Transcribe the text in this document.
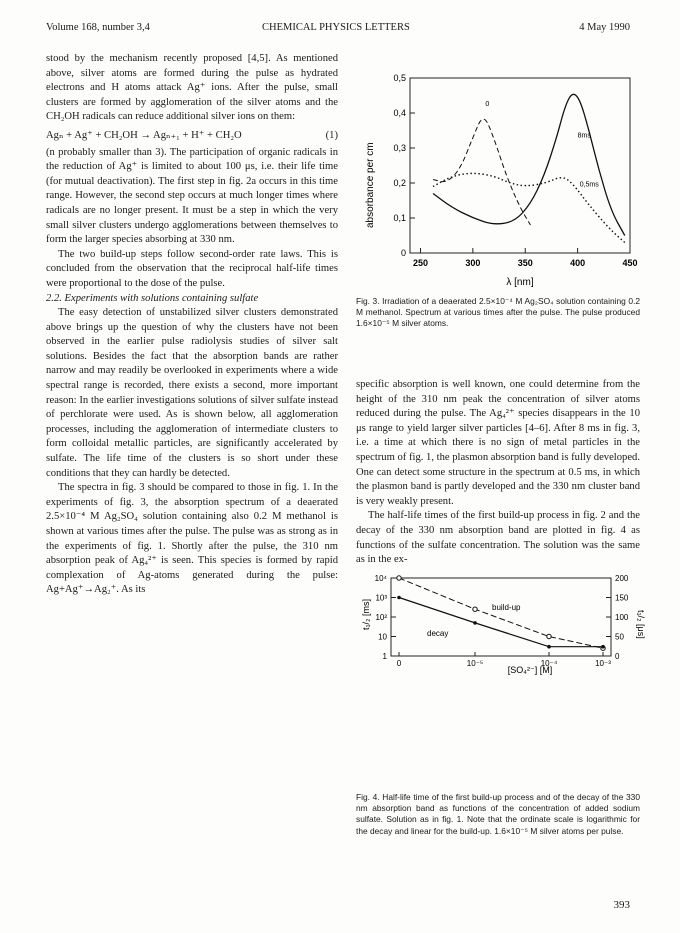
Volume 168, number 3,4	CHEMICAL PHYSICS LETTERS	4 May 1990

stood by the mechanism recently proposed [4,5]. As mentioned above, silver atoms are formed during the pulse as hydrated electrons and H atoms attack Ag⁺ ions. After the pulse, small clusters are formed by agglomeration of the silver atoms and the CH₂OH radicals can reduce additional silver ions on them:

Agₙ + Ag⁺ + CH₂OH → Agₙ₊₁ + H⁺ + CH₂O	(1)

(n probably smaller than 3). The participation of organic radicals in the reduction of Ag⁺ is limited to about 100 μs, i.e. their life time (for mutual deactivation). The first step in fig. 2a occurs in this time range. However, the second step occurs at much longer times where radicals are no longer present. It must be a step in which the very small silver clusters undergo agglomerations between themselves to form the larger species absorbing at 330 nm.

The two build-up steps follow second-order rate laws. This is concluded from the observation that the reciprocal half-life times were proportional to the dose of the pulse.

2.2. Experiments with solutions containing sulfate

The easy detection of unstabilized silver clusters demonstrated above brings up the question of why the clusters have not been observed in the earlier pulse radiolysis studies of silver salt solutions. Besides the fact that the absorption bands are rather narrow and may readily be overlooked in experiments where a wide spectral range is recorded, there exists a second, more important reason: In the earlier investigations solutions of silver sulfate instead of perchlorate were used. As is shown below, all agglomeration processes, including the agglomeration of intermediate clusters to form colloidal metallic particles, are significantly accelerated by sulfate. The life time of the clusters is so short under these conditions that they can hardly be detected.

The spectra in fig. 3 should be compared to those in fig. 1. In the experiments of fig. 3, the absorption spectrum of a deaerated 2.5×10⁻⁴ M Ag₂SO₄ solution containing also 0.2 M methanol is shown at various times after the pulse. The pulse was as strong as in the experiments of fig. 1. Shortly after the pulse, the 310 nm absorption peak of Ag₄²⁺ is seen. This species is formed by rapid complexation of Ag-atoms generated during the pulse: Ag+Ag⁺→Ag₂⁺. As its

0
0,1
0,2
0,3
0,4
0,5
250	300	350	400	450
0
8ms
0,5ms
absorbance per cm
λ [nm]
Fig. 3. Irradiation of a deaerated 2.5×10⁻⁴ M Ag₂SO₄ solution containing 0.2 M methanol. Spectrum at various times after the pulse. The pulse produced 1.6×10⁻⁵ M silver atoms.

specific absorption is well known, one could determine from the height of the 310 nm peak the concentration of silver atoms reduced during the pulse. The Ag₄²⁺ species disappears in the 10 μs range to yield larger silver particles [4–6]. After 8 ms in fig. 3, i.e. a time at which there is no sign of metal particles in the spectrum of fig. 1, the plasmon absorption band is fully developed. One can detect some structure in the spectrum at 0.5 ms, in which the plasmon band is partly developed and the 330 nm cluster band is very weakly present.

The half-life times of the first build-up process in fig. 2 and the decay of the 330 nm absorption band are plotted in fig. 4 as functions of the sulfate concentration. The solution was the same as in the ex-

10⁴
10³
10²
10
1
200
150
100
50
0
0	10⁻⁵	10⁻⁴	10⁻³
t₁/₂ [ms]	t₁/₂ [μs]
[SO₄²⁻] [M]
build-up
decay
Fig. 4. Half-life time of the first build-up process and of the decay of the 330 nm absorption band as functions of the concentration of added sodium sulfate. Solution as in fig. 1. Note that the ordinate scale is logarithmic for the decay and linear for the build-up. 1.6×10⁻⁵ M silver atoms per pulse.
393
